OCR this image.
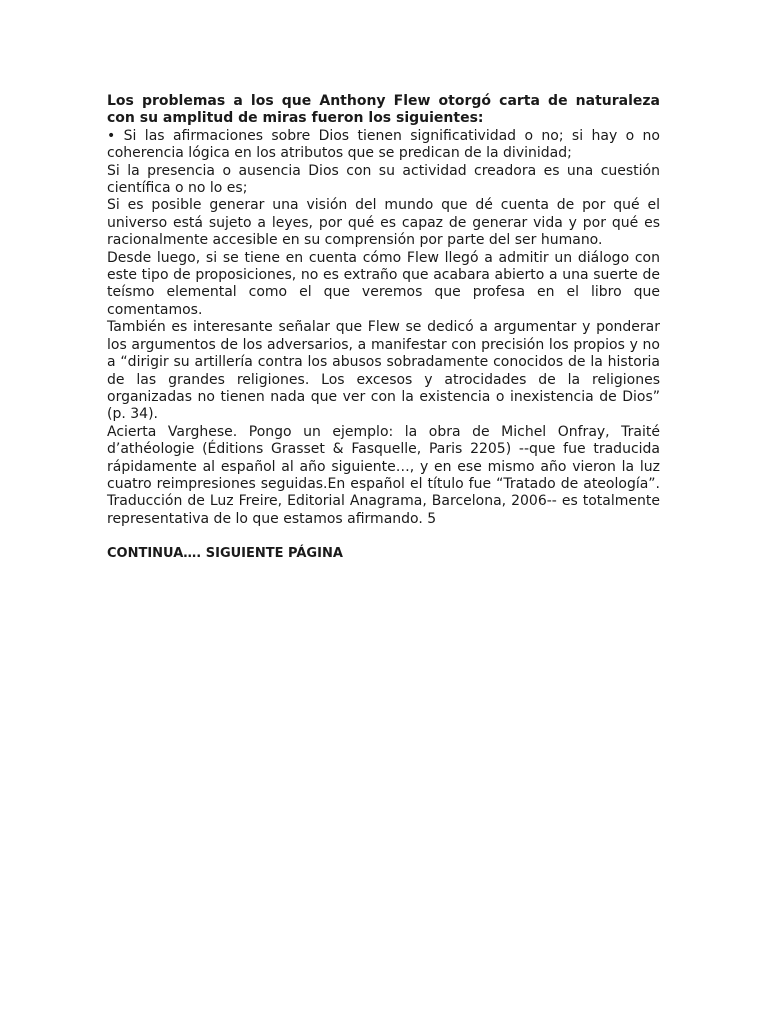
Los problemas a los que Anthony Flew otorgó carta de naturaleza con su amplitud de miras fueron los siguientes:

• Si las afirmaciones sobre Dios tienen significatividad o no; si hay o no coherencia lógica en los atributos que se predican de la divinidad;

Si la presencia o ausencia Dios con su actividad creadora es una cuestión científica o no lo es;

Si es posible generar una visión del mundo que dé cuenta de por qué el universo está sujeto a leyes, por qué es capaz de generar vida y por qué es racionalmente accesible en su comprensión por parte del ser humano.

Desde luego, si se tiene en cuenta cómo Flew llegó a admitir un diálogo con este tipo de proposiciones, no es extraño que acabara abierto a una suerte de teísmo elemental como el que veremos que profesa en el libro que comentamos.

También es interesante señalar que Flew se dedicó a argumentar y ponderar los argumentos de los adversarios, a manifestar con precisión los propios y no a “dirigir su artillería contra los abusos sobradamente conocidos de la historia de las grandes religiones. Los excesos y atrocidades de la religiones organizadas no tienen nada que ver con la existencia o inexistencia de Dios” (p. 34).

Acierta Varghese. Pongo un ejemplo: la obra de Michel Onfray, Traité d’athéologie (Éditions Grasset & Fasquelle, Paris 2205) --que fue traducida rápidamente al español al año siguiente…, y en ese mismo año vieron la luz cuatro reimpresiones seguidas.En español el título fue “Tratado de ateología”. Traducción de Luz Freire, Editorial Anagrama, Barcelona, 2006-- es totalmente representativa de lo que estamos afirmando. 5

CONTINUA…. SIGUIENTE PÁGINA
